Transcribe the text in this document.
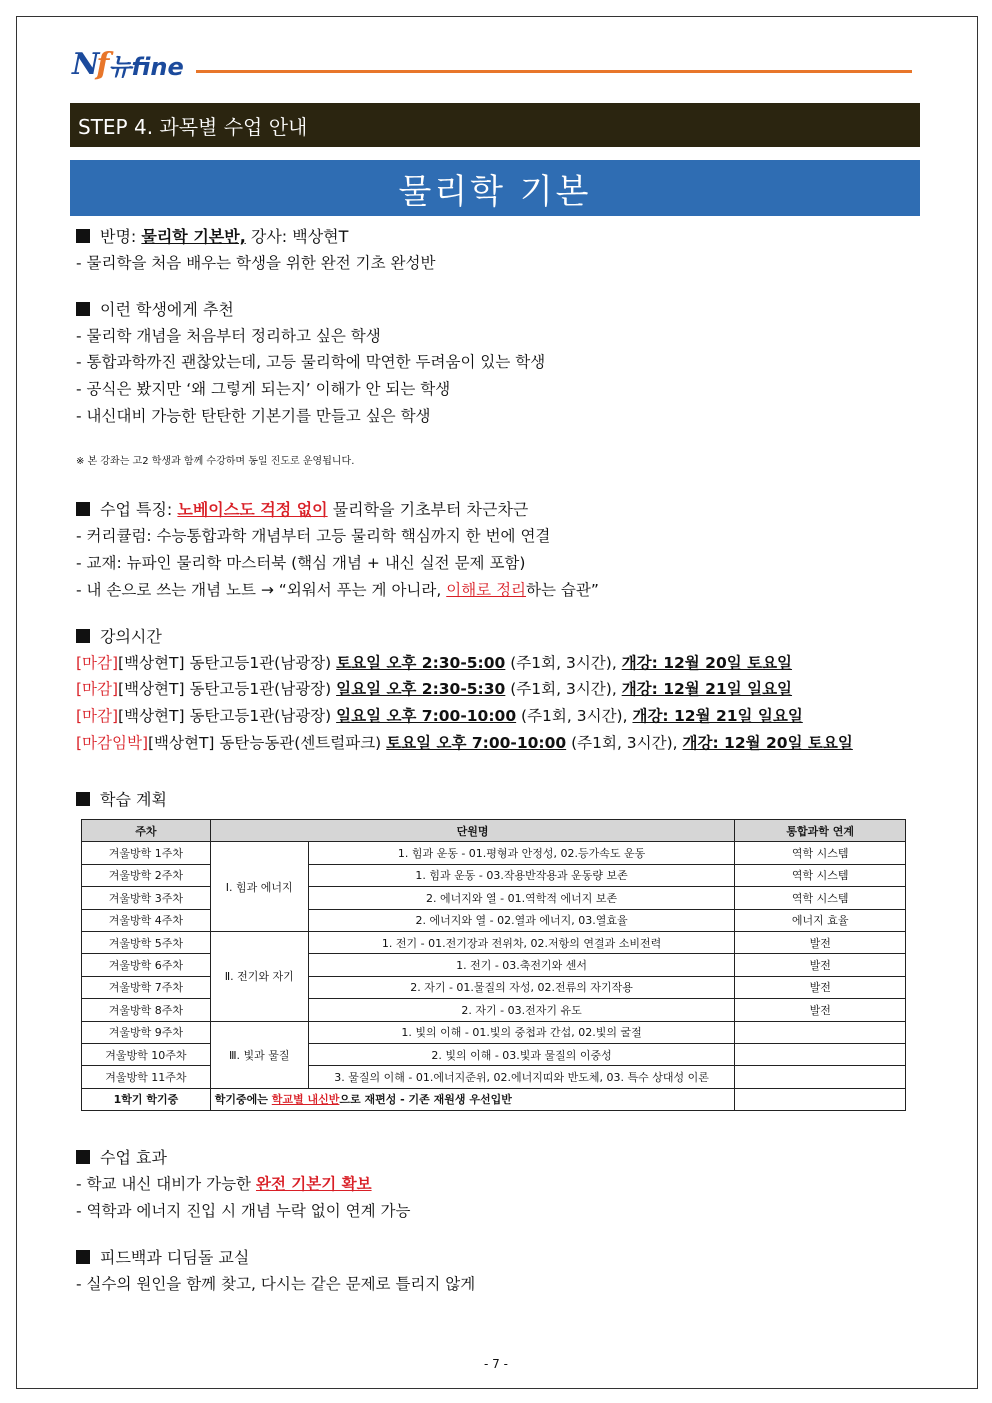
Nf 뉴fine
STEP 4. 과목별 수업 안내
물리학 기본
반명: 물리학 기본반, 강사: 백상현T
- 물리학을 처음 배우는 학생을 위한 완전 기초 완성반
이런 학생에게 추천
- 물리학 개념을 처음부터 정리하고 싶은 학생
- 통합과학까진 괜찮았는데, 고등 물리학에 막연한 두려움이 있는 학생
- 공식은 봤지만 ‘왜 그렇게 되는지’ 이해가 안 되는 학생
- 내신대비 가능한 탄탄한 기본기를 만들고 싶은 학생
※ 본 강좌는 고2 학생과 함께 수강하며 동일 진도로 운영됩니다.
수업 특징: 노베이스도 걱정 없이 물리학을 기초부터 차근차근
- 커리큘럼: 수능통합과학 개념부터 고등 물리학 핵심까지 한 번에 연결
- 교재: 뉴파인 물리학 마스터북 (핵심 개념 + 내신 실전 문제 포함)
- 내 손으로 쓰는 개념 노트 → “외워서 푸는 게 아니라, 이해로 정리하는 습관”
강의시간
[마감][백상현T] 동탄고등1관(남광장) 토요일 오후 2:30-5:00 (주1회, 3시간), 개강: 12월 20일 토요일
[마감][백상현T] 동탄고등1관(남광장) 일요일 오후 2:30-5:30 (주1회, 3시간), 개강: 12월 21일 일요일
[마감][백상현T] 동탄고등1관(남광장) 일요일 오후 7:00-10:00 (주1회, 3시간), 개강: 12월 21일 일요일
[마감임박][백상현T] 동탄능동관(센트럴파크) 토요일 오후 7:00-10:00 (주1회, 3시간), 개강: 12월 20일 토요일
학습 계획
주차	단원명		통합과학 연계
겨울방학 1주차	Ⅰ. 힘과 에너지	1. 힘과 운동 - 01.평형과 안정성, 02.등가속도 운동	역학 시스템
겨울방학 2주차		1. 힘과 운동 - 03.작용반작용과 운동량 보존	역학 시스템
겨울방학 3주차		2. 에너지와 열 - 01.역학적 에너지 보존	역학 시스템
겨울방학 4주차		2. 에너지와 열 - 02.열과 에너지, 03.열효율	에너지 효율
겨울방학 5주차	Ⅱ. 전기와 자기	1. 전기 - 01.전기장과 전위차, 02.저항의 연결과 소비전력	발전
겨울방학 6주차		1. 전기 - 03.축전기와 센서	발전
겨울방학 7주차		2. 자기 - 01.물질의 자성, 02.전류의 자기작용	발전
겨울방학 8주차		2. 자기 - 03.전자기 유도	발전
겨울방학 9주차	Ⅲ. 빛과 물질	1. 빛의 이해 - 01.빛의 중첩과 간섭, 02.빛의 굴절	
겨울방학 10주차		2. 빛의 이해 - 03.빛과 물질의 이중성	
겨울방학 11주차		3. 물질의 이해 - 01.에너지준위, 02.에너지띠와 반도체, 03. 특수 상대성 이론	
1학기 학기중	학기중에는 학교별 내신반으로 재편성 - 기존 재원생 우선입반		
수업 효과
- 학교 내신 대비가 가능한 완전 기본기 확보
- 역학과 에너지 진입 시 개념 누락 없이 연계 가능
피드백과 디딤돌 교실
- 실수의 원인을 함께 찾고, 다시는 같은 문제로 틀리지 않게
- 7 -
